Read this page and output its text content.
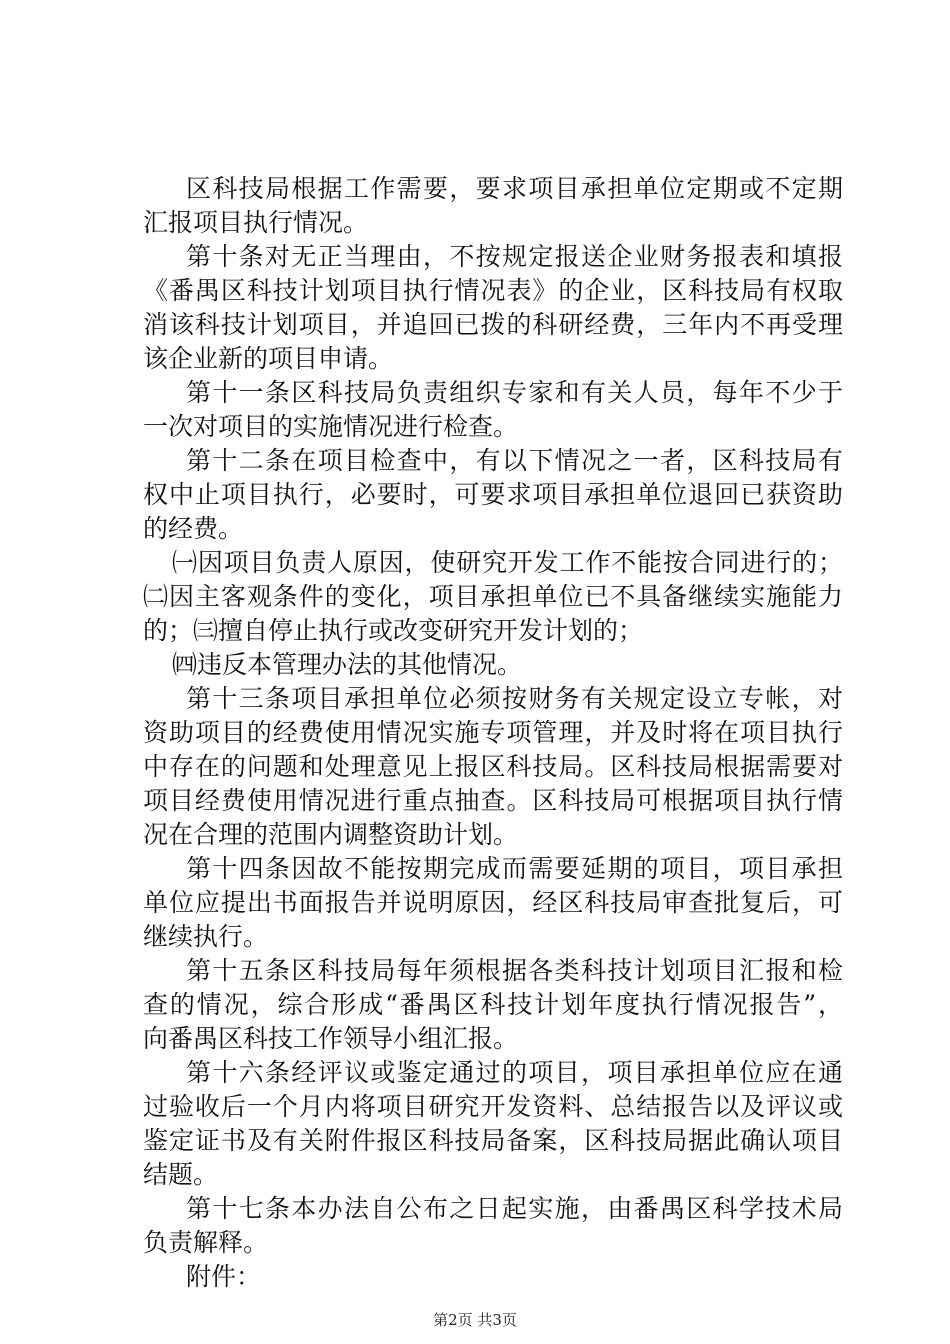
区科技局根据工作需要，要求项目承担单位定期或不定期
汇报项目执行情况。
第十条对无正当理由，不按规定报送企业财务报表和填报
《番禺区科技计划项目执行情况表》的企业，区科技局有权取
消该科技计划项目，并追回已拨的科研经费，三年内不再受理
该企业新的项目申请。
第十一条区科技局负责组织专家和有关人员，每年不少于
一次对项目的实施情况进行检查。
第十二条在项目检查中，有以下情况之一者，区科技局有
权中止项目执行，必要时，可要求项目承担单位退回已获资助
的经费。
㈠因项目负责人原因，使研究开发工作不能按合同进行的；
㈡因主客观条件的变化，项目承担单位已不具备继续实施能力
的；㈢擅自停止执行或改变研究开发计划的；
㈣违反本管理办法的其他情况。
第十三条项目承担单位必须按财务有关规定设立专帐，对
资助项目的经费使用情况实施专项管理，并及时将在项目执行
中存在的问题和处理意见上报区科技局。区科技局根据需要对
项目经费使用情况进行重点抽查。区科技局可根据项目执行情
况在合理的范围内调整资助计划。
第十四条因故不能按期完成而需要延期的项目，项目承担
单位应提出书面报告并说明原因，经区科技局审查批复后，可
继续执行。
第十五条区科技局每年须根据各类科技计划项目汇报和检
查的情况，综合形成“番禺区科技计划年度执行情况报告”，
向番禺区科技工作领导小组汇报。
第十六条经评议或鉴定通过的项目，项目承担单位应在通
过验收后一个月内将项目研究开发资料、总结报告以及评议或
鉴定证书及有关附件报区科技局备案，区科技局据此确认项目
结题。
第十七条本办法自公布之日起实施，由番禺区科学技术局
负责解释。
附件：
第2页 共3页
